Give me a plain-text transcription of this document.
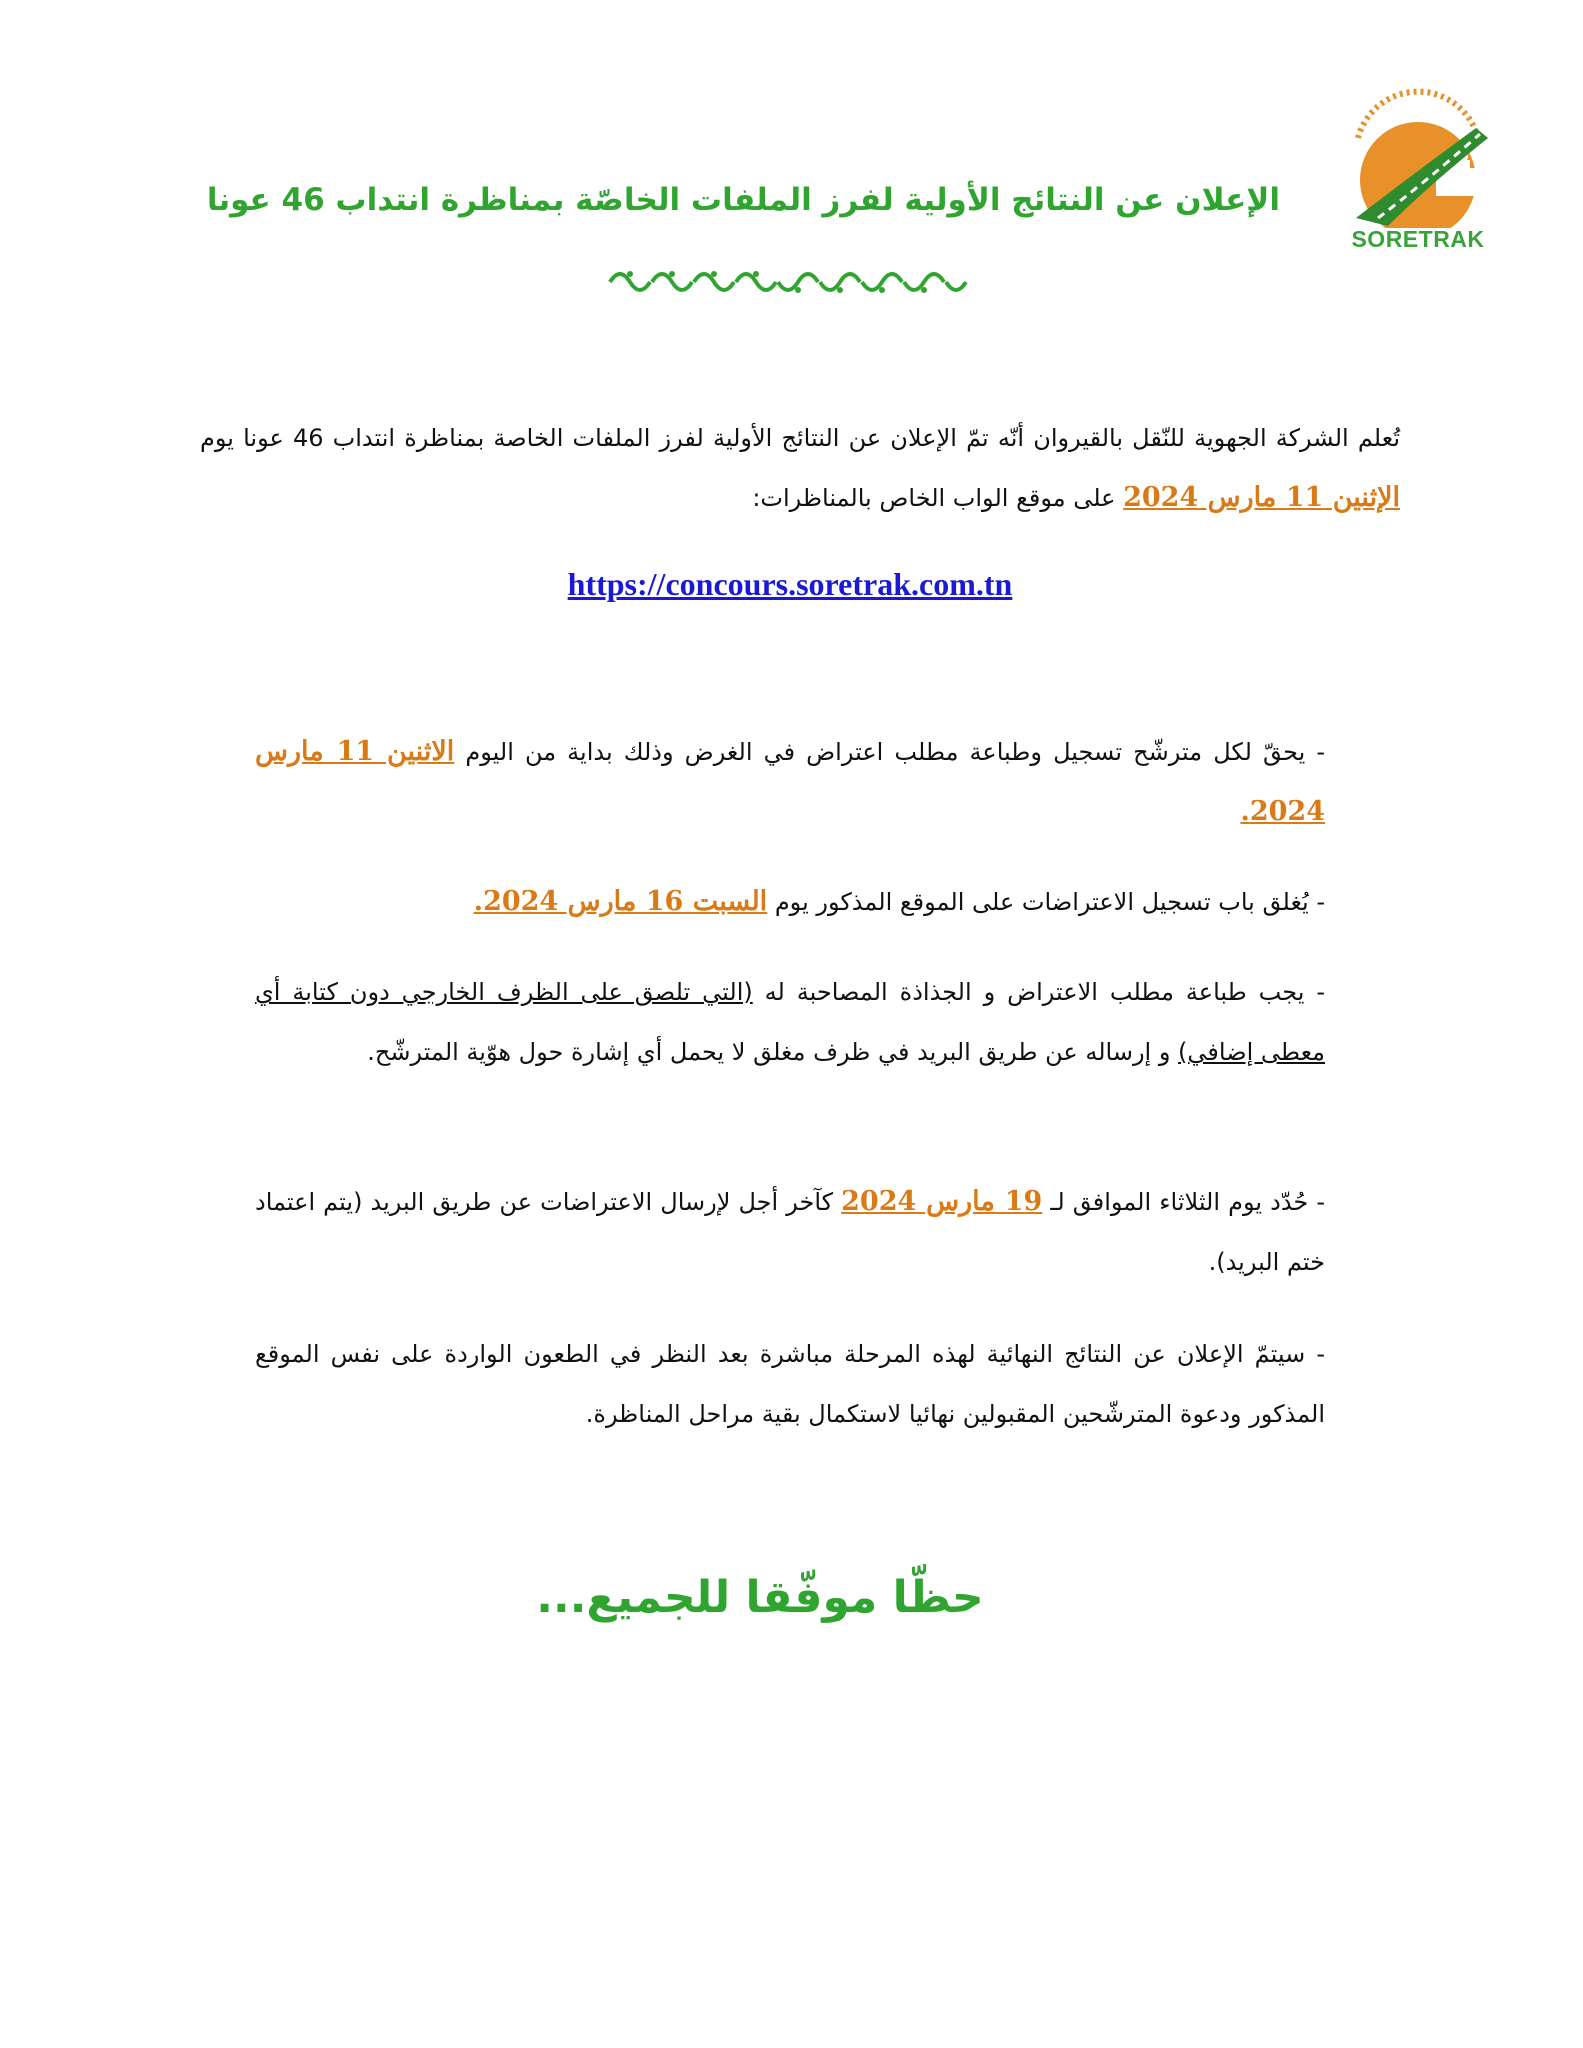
SORETRAK
الإعلان عن النتائج الأولية لفرز الملفات الخاصّة بمناظرة انتداب 46 عونا
تُعلم الشركة الجهوية للنّقل بالقيروان أنّه تمّ الإعلان عن النتائج الأولية لفرز الملفات الخاصة بمناظرة انتداب 46 عونا يوم الإثنين 11 مارس 2024 على موقع الواب الخاص بالمناظرات:
https://concours.soretrak.com.tn
- يحقّ لكل مترشّح تسجيل وطباعة مطلب اعتراض في الغرض وذلك بداية من اليوم الاثنين 11 مارس 2024.
- يُغلق باب تسجيل الاعتراضات على الموقع المذكور يوم السبت 16 مارس 2024.
- يجب طباعة مطلب الاعتراض و الجذاذة المصاحبة له (التي تلصق على الظرف الخارجي دون كتابة أي معطى إضافي) و إرساله عن طريق البريد في ظرف مغلق لا يحمل أي إشارة حول هوّية المترشّح.
- حُدّد يوم الثلاثاء الموافق لـ 19 مارس 2024 كآخر أجل لإرسال الاعتراضات عن طريق البريد (يتم اعتماد ختم البريد).
- سيتمّ الإعلان عن النتائج النهائية لهذه المرحلة مباشرة بعد النظر في الطعون الواردة على نفس الموقع المذكور ودعوة المترشّحين المقبولين نهائيا لاستكمال بقية مراحل المناظرة.
حظّا موفّقا للجميع...
